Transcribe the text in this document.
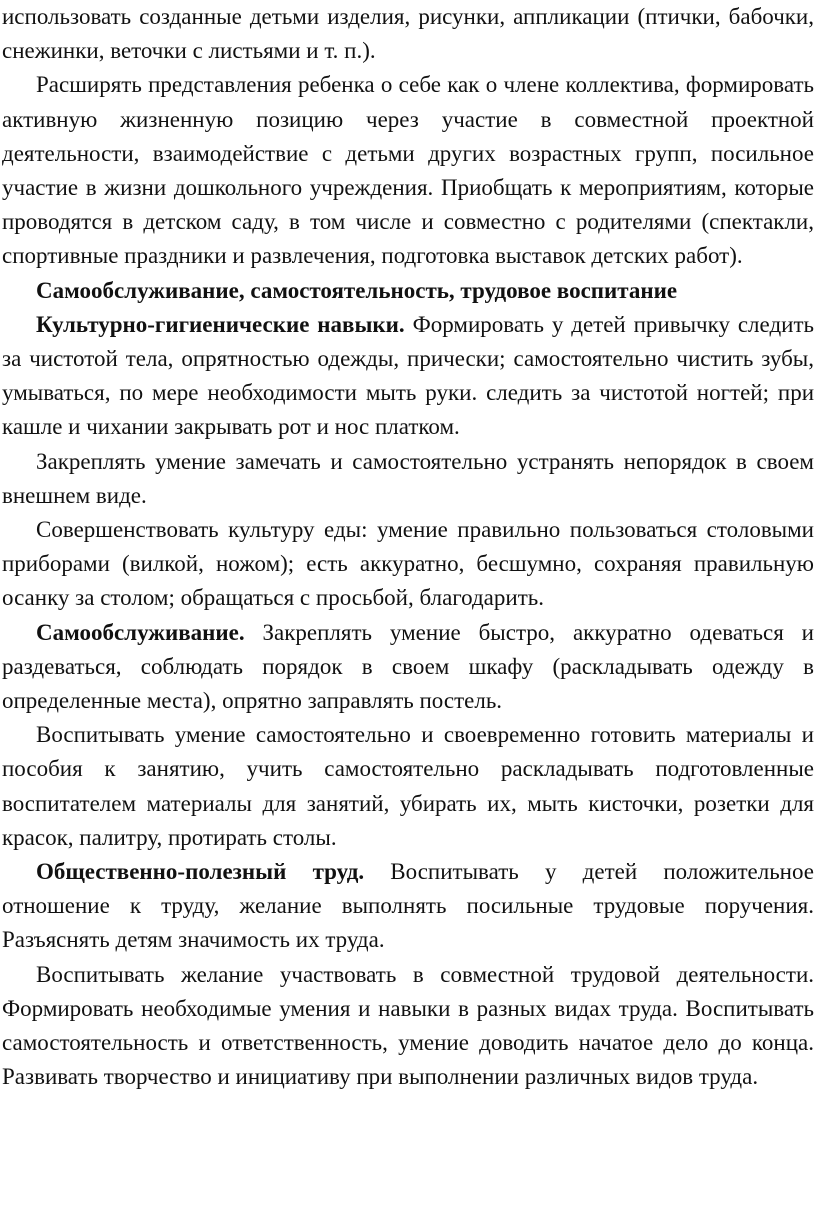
использовать созданные детьми изделия, рисунки, аппликации (птички, бабочки, снежинки, веточки с листьями и т. п.).

Расширять представления ребенка о себе как о члене коллектива, формировать активную жизненную позицию через участие в совместной проектной деятельности, взаимодействие с детьми других возрастных групп, посильное участие в жизни дошкольного учреждения. Приобщать к мероприятиям, которые проводятся в детском саду, в том числе и совместно с родителями (спектакли, спортивные праздники и развлечения, подготовка выставок детских работ).

Самообслуживание, самостоятельность, трудовое воспитание

Культурно-гигиенические навыки. Формировать у детей привычку следить за чистотой тела, опрятностью одежды, прически; самостоятельно чистить зубы, умываться, по мере необходимости мыть руки. следить за чистотой ногтей; при кашле и чихании закрывать рот и нос платком.

Закреплять умение замечать и самостоятельно устранять непорядок в своем внешнем виде.

Совершенствовать культуру еды: умение правильно пользоваться столовыми приборами (вилкой, ножом); есть аккуратно, бесшумно, сохраняя правильную осанку за столом; обращаться с просьбой, благодарить.

Самообслуживание. Закреплять умение быстро, аккуратно одеваться и раздеваться, соблюдать порядок в своем шкафу (раскладывать одежду в определенные места), опрятно заправлять постель.

Воспитывать умение самостоятельно и своевременно готовить материалы и пособия к занятию, учить самостоятельно раскладывать подготовленные воспитателем материалы для занятий, убирать их, мыть кисточки, розетки для красок, палитру, протирать столы.

Общественно-полезный труд. Воспитывать у детей положительное отношение к труду, желание выполнять посильные трудовые поручения. Разъяснять детям значимость их труда.

Воспитывать желание участвовать в совместной трудовой деятельности. Формировать необходимые умения и навыки в разных видах труда. Воспитывать самостоятельность и ответственность, умение доводить начатое дело до конца. Развивать творчество и инициативу при выполнении различных видов труда.
